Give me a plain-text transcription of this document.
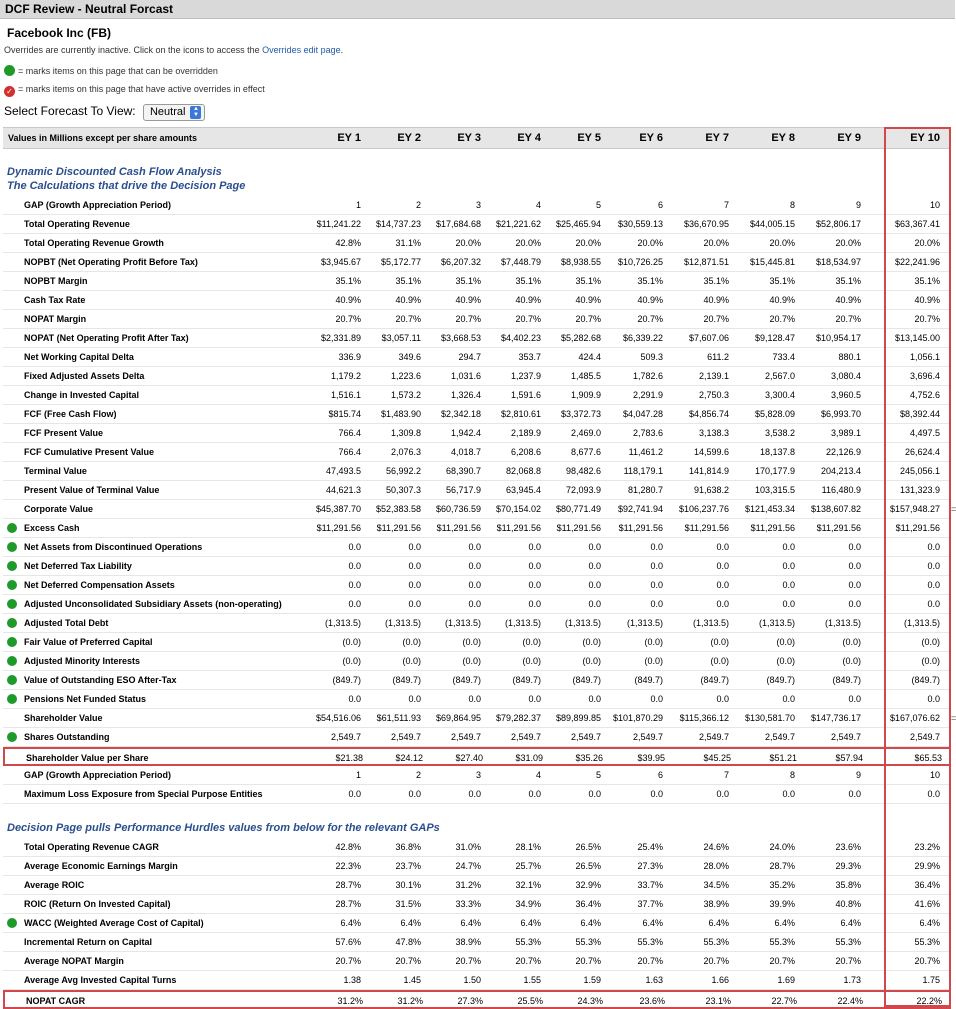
DCF Review - Neutral Forcast
Facebook Inc (FB)
Overrides are currently inactive. Click on the icons to access the Overrides edit page.
= marks items on this page that can be overridden
✓ = marks items on this page that have active overrides in effect
Select Forecast To View: Neutral ▲
▼
Values in Millions except per share amounts	EY 1	EY 2	EY 3	EY 4	EY 5	EY 6	EY 7	EY 8	EY 9	EY 10
Dynamic Discounted Cash Flow Analysis
The Calculations that drive the Decision Page
Decision Page pulls Performance Hurdles values from below for the relevant GAPs
GAP (Growth Appreciation Period)	1	2	3	4	5	6	7	8	9	10
Total Operating Revenue	$11,241.22	$14,737.23	$17,684.68	$21,221.62	$25,465.94	$30,559.13	$36,670.95	$44,005.15	$52,806.17	$63,367.41
Total Operating Revenue Growth	42.8%	31.1%	20.0%	20.0%	20.0%	20.0%	20.0%	20.0%	20.0%	20.0%
NOPBT (Net Operating Profit Before Tax)	$3,945.67	$5,172.77	$6,207.32	$7,448.79	$8,938.55	$10,726.25	$12,871.51	$15,445.81	$18,534.97	$22,241.96
NOPBT Margin	35.1%	35.1%	35.1%	35.1%	35.1%	35.1%	35.1%	35.1%	35.1%	35.1%
Cash Tax Rate	40.9%	40.9%	40.9%	40.9%	40.9%	40.9%	40.9%	40.9%	40.9%	40.9%
NOPAT Margin	20.7%	20.7%	20.7%	20.7%	20.7%	20.7%	20.7%	20.7%	20.7%	20.7%
NOPAT (Net Operating Profit After Tax)	$2,331.89	$3,057.11	$3,668.53	$4,402.23	$5,282.68	$6,339.22	$7,607.06	$9,128.47	$10,954.17	$13,145.00
Net Working Capital Delta	336.9	349.6	294.7	353.7	424.4	509.3	611.2	733.4	880.1	1,056.1
Fixed Adjusted Assets Delta	1,179.2	1,223.6	1,031.6	1,237.9	1,485.5	1,782.6	2,139.1	2,567.0	3,080.4	3,696.4
Change in Invested Capital	1,516.1	1,573.2	1,326.4	1,591.6	1,909.9	2,291.9	2,750.3	3,300.4	3,960.5	4,752.6
FCF (Free Cash Flow)	$815.74	$1,483.90	$2,342.18	$2,810.61	$3,372.73	$4,047.28	$4,856.74	$5,828.09	$6,993.70	$8,392.44
FCF Present Value	766.4	1,309.8	1,942.4	2,189.9	2,469.0	2,783.6	3,138.3	3,538.2	3,989.1	4,497.5
FCF Cumulative Present Value	766.4	2,076.3	4,018.7	6,208.6	8,677.6	11,461.2	14,599.6	18,137.8	22,126.9	26,624.4
Terminal Value	47,493.5	56,992.2	68,390.7	82,068.8	98,482.6	118,179.1	141,814.9	170,177.9	204,213.4	245,056.1
Present Value of Terminal Value	44,621.3	50,307.3	56,717.9	63,945.4	72,093.9	81,280.7	91,638.2	103,315.5	116,480.9	131,323.9
Corporate Value	$45,387.70	$52,383.58	$60,736.59	$70,154.02	$80,771.49	$92,741.94	$106,237.76	$121,453.34	$138,607.82	$157,948.27 =
Excess Cash	$11,291.56	$11,291.56	$11,291.56	$11,291.56	$11,291.56	$11,291.56	$11,291.56	$11,291.56	$11,291.56	$11,291.56
Net Assets from Discontinued Operations	0.0	0.0	0.0	0.0	0.0	0.0	0.0	0.0	0.0	0.0
Net Deferred Tax Liability	0.0	0.0	0.0	0.0	0.0	0.0	0.0	0.0	0.0	0.0
Net Deferred Compensation Assets	0.0	0.0	0.0	0.0	0.0	0.0	0.0	0.0	0.0	0.0
Adjusted Unconsolidated Subsidiary Assets (non-operating)	0.0	0.0	0.0	0.0	0.0	0.0	0.0	0.0	0.0	0.0
Adjusted Total Debt	(1,313.5)	(1,313.5)	(1,313.5)	(1,313.5)	(1,313.5)	(1,313.5)	(1,313.5)	(1,313.5)	(1,313.5)	(1,313.5)
Fair Value of Preferred Capital	(0.0)	(0.0)	(0.0)	(0.0)	(0.0)	(0.0)	(0.0)	(0.0)	(0.0)	(0.0)
Adjusted Minority Interests	(0.0)	(0.0)	(0.0)	(0.0)	(0.0)	(0.0)	(0.0)	(0.0)	(0.0)	(0.0)
Value of Outstanding ESO After-Tax	(849.7)	(849.7)	(849.7)	(849.7)	(849.7)	(849.7)	(849.7)	(849.7)	(849.7)	(849.7)
Pensions Net Funded Status	0.0	0.0	0.0	0.0	0.0	0.0	0.0	0.0	0.0	0.0
Shareholder Value	$54,516.06	$61,511.93	$69,864.95	$79,282.37	$89,899.85	$101,870.29	$115,366.12	$130,581.70	$147,736.17	$167,076.62 =
Shares Outstanding	2,549.7	2,549.7	2,549.7	2,549.7	2,549.7	2,549.7	2,549.7	2,549.7	2,549.7	2,549.7
Shareholder Value per Share	$21.38	$24.12	$27.40	$31.09	$35.26	$39.95	$45.25	$51.21	$57.94	$65.53
GAP (Growth Appreciation Period)	1	2	3	4	5	6	7	8	9	10
Maximum Loss Exposure from Special Purpose Entities	0.0	0.0	0.0	0.0	0.0	0.0	0.0	0.0	0.0	0.0
Total Operating Revenue CAGR	42.8%	36.8%	31.0%	28.1%	26.5%	25.4%	24.6%	24.0%	23.6%	23.2%
Average Economic Earnings Margin	22.3%	23.7%	24.7%	25.7%	26.5%	27.3%	28.0%	28.7%	29.3%	29.9%
Average ROIC	28.7%	30.1%	31.2%	32.1%	32.9%	33.7%	34.5%	35.2%	35.8%	36.4%
ROIC (Return On Invested Capital)	28.7%	31.5%	33.3%	34.9%	36.4%	37.7%	38.9%	39.9%	40.8%	41.6%
WACC (Weighted Average Cost of Capital)	6.4%	6.4%	6.4%	6.4%	6.4%	6.4%	6.4%	6.4%	6.4%	6.4%
Incremental Return on Capital	57.6%	47.8%	38.9%	55.3%	55.3%	55.3%	55.3%	55.3%	55.3%	55.3%
Average NOPAT Margin	20.7%	20.7%	20.7%	20.7%	20.7%	20.7%	20.7%	20.7%	20.7%	20.7%
Average Avg Invested Capital Turns	1.38	1.45	1.50	1.55	1.59	1.63	1.66	1.69	1.73	1.75
NOPAT CAGR	31.2%	31.2%	27.3%	25.5%	24.3%	23.6%	23.1%	22.7%	22.4%	22.2%
